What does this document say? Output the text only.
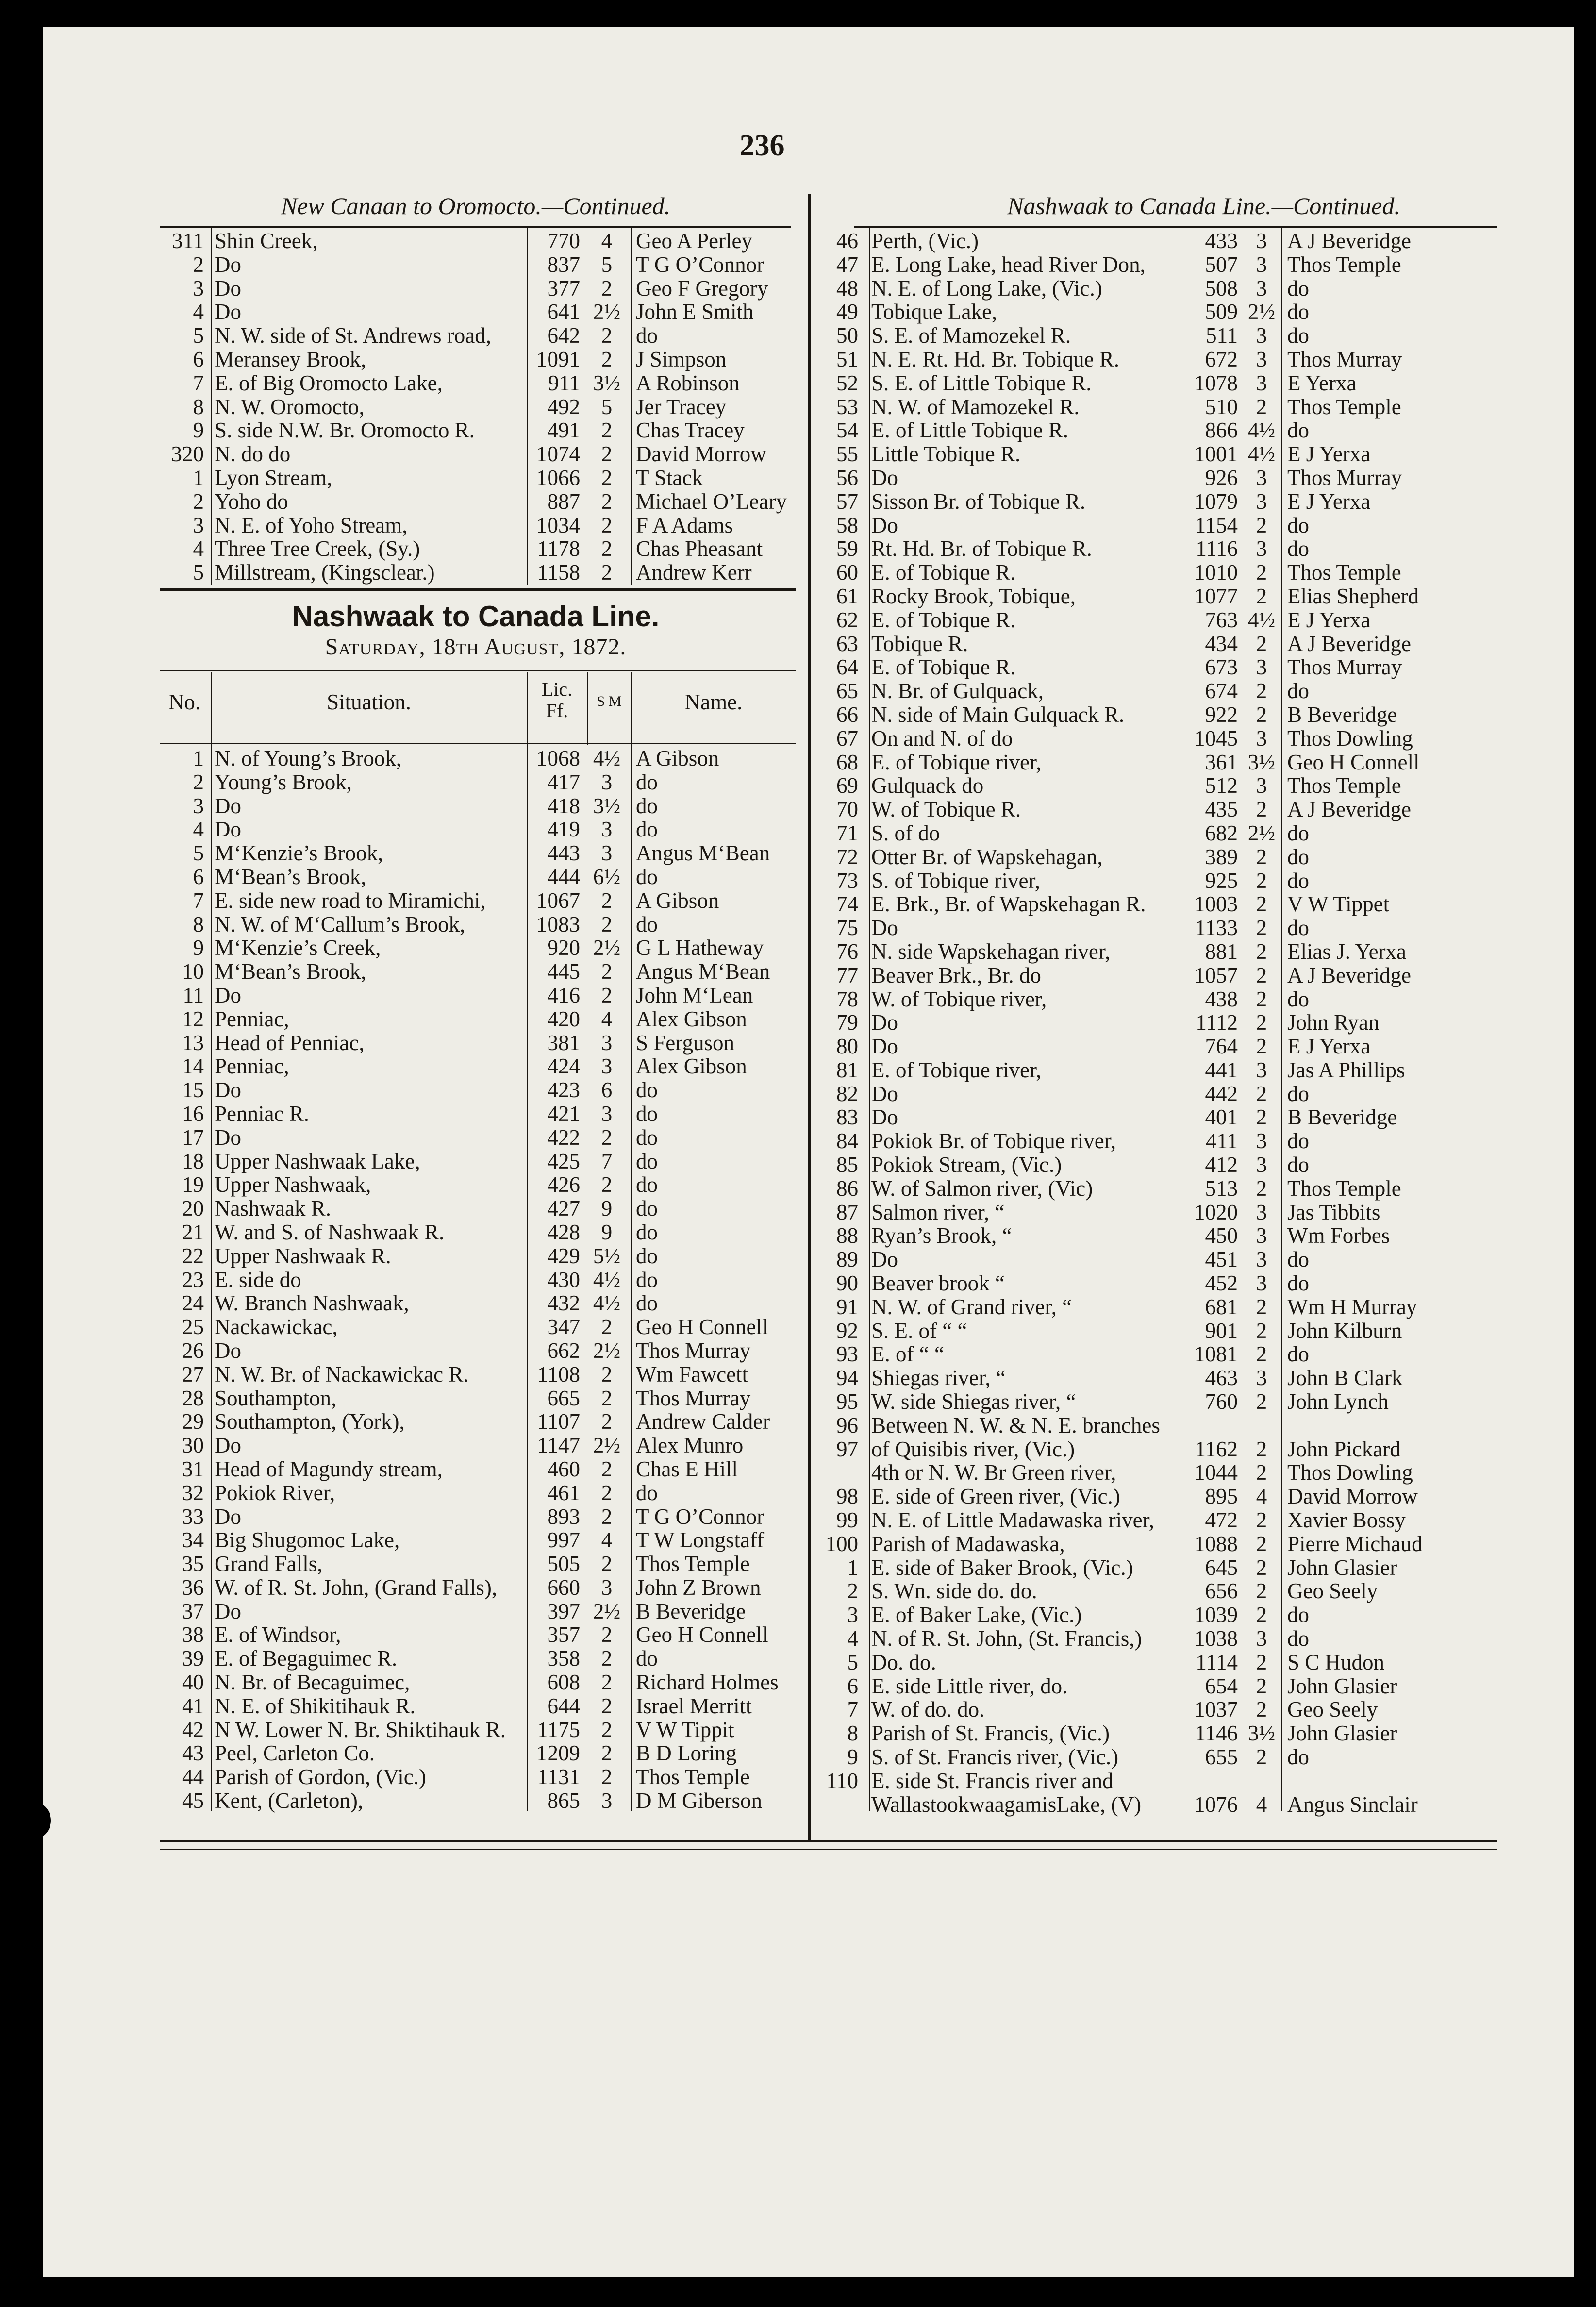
236
New Canaan to Oromocto.—Continued.	Nashwaak to Canada Line.—Continued.
Nashwaak to Canada Line.
Saturday, 18th August, 1872.
No.	Situation.
Lic. Ff.	S M	Name.
311 Shin Creek,	770 4	Geo A Perley
2 Do	837 5	T G O’Connor
3 Do	377 2	Geo F Gregory
4 Do	641 2½ John E Smith
5 N. W. side of St. Andrews road,	642 2	do
6 Meransey Brook,	1091 2	J Simpson
7 E. of Big Oromocto Lake,	911 3½ A Robinson
8 N. W. Oromocto,	492 5	Jer Tracey
9 S. side N.W. Br. Oromocto R.	491 2	Chas Tracey
320 N. do do	1074 2	David Morrow
1 Lyon Stream,	1066 2	T Stack
2 Yoho do	887 2	Michael O’Leary
3 N. E. of Yoho Stream,	1034 2	F A Adams
4 Three Tree Creek, (Sy.)	1178 2	Chas Pheasant
5 Millstream, (Kingsclear.)	1158 2	Andrew Kerr
1 N. of Young’s Brook,	1068 4½ A Gibson
2 Young’s Brook,	417 3	do
3 Do	418 3½ do
4 Do	419 3	do
5 M‘Kenzie’s Brook,	443 3	Angus M‘Bean
6 M‘Bean’s Brook,	444 6½ do
7 E. side new road to Miramichi,	1067 2	A Gibson
8 N. W. of M‘Callum’s Brook,	1083 2	do
9 M‘Kenzie’s Creek,	920 2½ G L Hatheway
10 M‘Bean’s Brook,	445 2	Angus M‘Bean
11 Do	416 2	John M‘Lean
12 Penniac,	420 4	Alex Gibson
13 Head of Penniac,	381 3	S Ferguson
14 Penniac,	424 3	Alex Gibson
15 Do	423 6	do
16 Penniac R.	421 3	do
17 Do	422 2	do
18 Upper Nashwaak Lake,	425 7	do
19 Upper Nashwaak,	426 2	do
20 Nashwaak R.	427 9	do
21 W. and S. of Nashwaak R.	428 9	do
22 Upper Nashwaak R.	429 5½ do
23 E. side do	430 4½ do
24 W. Branch Nashwaak,	432 4½ do
25 Nackawickac,	347 2	Geo H Connell
26 Do	662 2½ Thos Murray
27 N. W. Br. of Nackawickac R.	1108 2	Wm Fawcett
28 Southampton,	665 2	Thos Murray
29 Southampton, (York),	1107 2	Andrew Calder
30 Do	1147 2½ Alex Munro
31 Head of Magundy stream,	460 2	Chas E Hill
32 Pokiok River,	461 2	do
33 Do	893 2	T G O’Connor
34 Big Shugomoc Lake,	997 4	T W Longstaff
35 Grand Falls,	505 2	Thos Temple
36 W. of R. St. John, (Grand Falls),	660 3	John Z Brown
37 Do	397 2½ B Beveridge
38 E. of Windsor,	357 2	Geo H Connell
39 E. of Begaguimec R.	358 2	do
40 N. Br. of Becaguimec,	608 2	Richard Holmes
41 N. E. of Shikitihauk R.	644 2	Israel Merritt
42 N W. Lower N. Br. Shiktihauk R.	1175 2	V W Tippit
43 Peel, Carleton Co.	1209 2	B D Loring
44 Parish of Gordon, (Vic.)	1131 2	Thos Temple
45 Kent, (Carleton),	865 3	D M Giberson
46 Perth, (Vic.)	433 3 A J Beveridge
47 E. Long Lake, head River Don,	507 3 Thos Temple
48 N. E. of Long Lake, (Vic.)	508 3 do
49 Tobique Lake,	509 2½ do
50 S. E. of Mamozekel R.	511 3 do
51 N. E. Rt. Hd. Br. Tobique R.	672 3 Thos Murray
52 S. E. of Little Tobique R.	1078 3 E Yerxa
53 N. W. of Mamozekel R.	510 2 Thos Temple
54 E. of Little Tobique R.	866 4½ do
55 Little Tobique R.	1001 4½ E J Yerxa
56 Do	926 3 Thos Murray
57 Sisson Br. of Tobique R.	1079 3 E J Yerxa
58 Do	1154 2 do
59 Rt. Hd. Br. of Tobique R.	1116 3 do
60 E. of Tobique R.	1010 2 Thos Temple
61 Rocky Brook, Tobique,	1077 2 Elias Shepherd
62 E. of Tobique R.	763 4½ E J Yerxa
63 Tobique R.	434 2 A J Beveridge
64 E. of Tobique R.	673 3 Thos Murray
65 N. Br. of Gulquack,	674 2 do
66 N. side of Main Gulquack R.	922 2 B Beveridge
67 On and N. of do	1045 3 Thos Dowling
68 E. of Tobique river,	361 3½ Geo H Connell
69 Gulquack do	512 3 Thos Temple
70 W. of Tobique R.	435 2 A J Beveridge
71 S. of do	682 2½ do
72 Otter Br. of Wapskehagan,	389 2 do
73 S. of Tobique river,	925 2 do
74 E. Brk., Br. of Wapskehagan R.	1003 2 V W Tippet
75 Do	1133 2 do
76 N. side Wapskehagan river,	881 2 Elias J. Yerxa
77 Beaver Brk., Br. do	1057 2 A J Beveridge
78 W. of Tobique river,	438 2 do
79 Do	1112 2 John Ryan
80 Do	764 2 E J Yerxa
81 E. of Tobique river,	441 3 Jas A Phillips
82 Do	442 2 do
83 Do	401 2 B Beveridge
84 Pokiok Br. of Tobique river,	411 3 do
85 Pokiok Stream, (Vic.)	412 3 do
86 W. of Salmon river, (Vic)	513 2 Thos Temple
87 Salmon river, “	1020 3 Jas Tibbits
88 Ryan’s Brook, “	450 3 Wm Forbes
89 Do	451 3 do
90 Beaver brook “	452 3 do
91 N. W. of Grand river, “	681 2 Wm H Murray
92 S. E. of “ “	901 2 John Kilburn
93 E. of “ “	1081 2 do
94 Shiegas river, “	463 3 John B Clark
95 W. side Shiegas river, “	760 2 John Lynch
96 Between N. W. & N. E. branches
97 of Quisibis river, (Vic.)	1162 2 John Pickard
4th or N. W. Br Green river,	1044 2 Thos Dowling
98 E. side of Green river, (Vic.)	895 4 David Morrow
99 N. E. of Little Madawaska river,	472 2 Xavier Bossy
100 Parish of Madawaska,	1088 2 Pierre Michaud
1 E. side of Baker Brook, (Vic.)	645 2 John Glasier
2 S. Wn. side do. do.	656 2 Geo Seely
3 E. of Baker Lake, (Vic.)	1039 2 do
4 N. of R. St. John, (St. Francis,)	1038 3 do
5 Do. do.	1114 2 S C Hudon
6 E. side Little river, do.	654 2 John Glasier
7 W. of do. do.	1037 2 Geo Seely
8 Parish of St. Francis, (Vic.)	1146 3½ John Glasier
9 S. of St. Francis river, (Vic.)	655 2 do
110 E. side St. Francis river and
WallastookwaagamisLake, (V)	1076 4 Angus Sinclair
